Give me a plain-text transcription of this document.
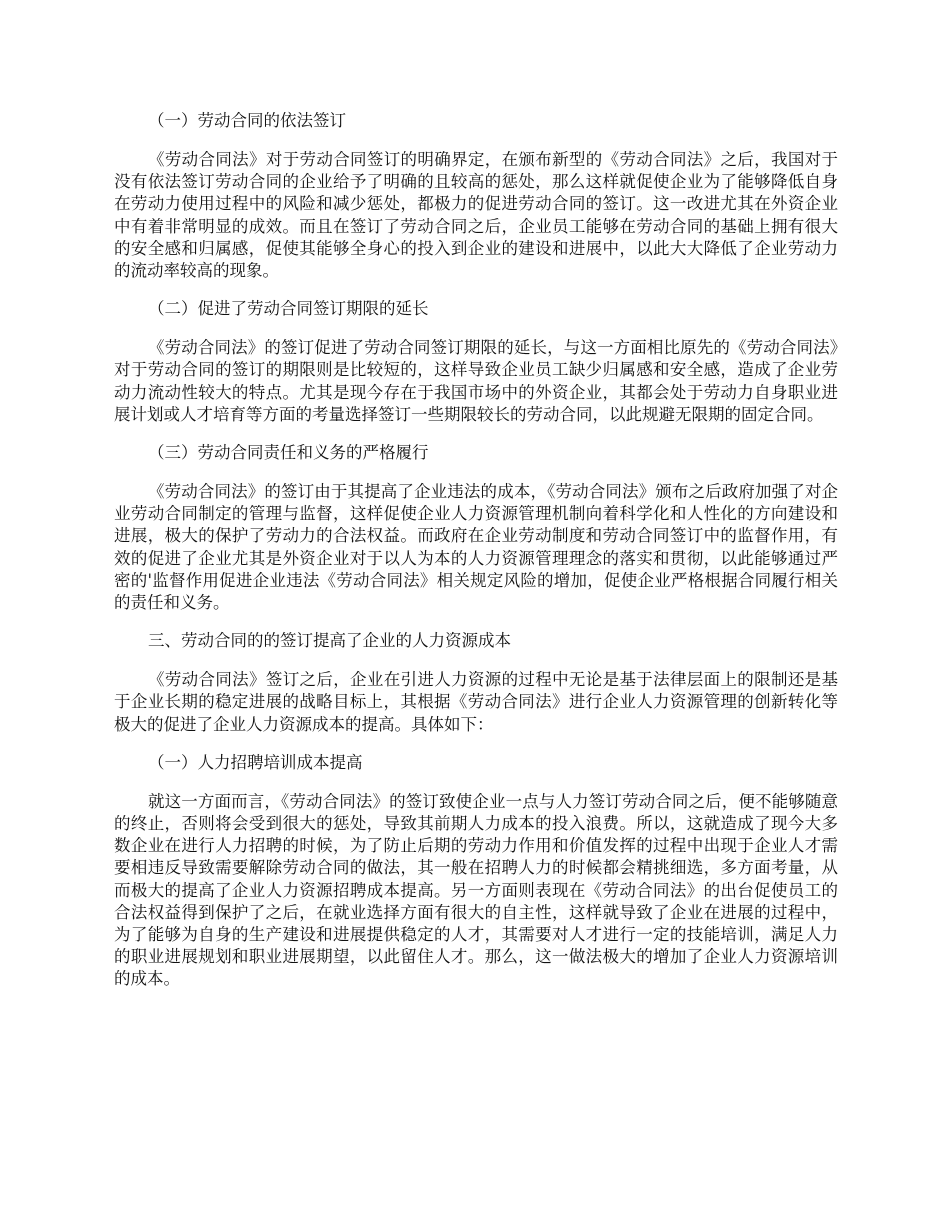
（一）劳动合同的依法签订

《劳动合同法》对于劳动合同签订的明确界定，在颁布新型的《劳动合同法》之后，我国对于没有依法签订劳动合同的企业给予了明确的且较高的惩处，那么这样就促使企业为了能够降低自身在劳动力使用过程中的风险和减少惩处，都极力的促进劳动合同的签订。这一改进尤其在外资企业中有着非常明显的成效。而且在签订了劳动合同之后，企业员工能够在劳动合同的基础上拥有很大的安全感和归属感，促使其能够全身心的投入到企业的建设和进展中，以此大大降低了企业劳动力的流动率较高的现象。

（二）促进了劳动合同签订期限的延长

《劳动合同法》的签订促进了劳动合同签订期限的延长，与这一方面相比原先的《劳动合同法》对于劳动合同的签订的期限则是比较短的，这样导致企业员工缺少归属感和安全感，造成了企业劳动力流动性较大的特点。尤其是现今存在于我国市场中的外资企业，其都会处于劳动力自身职业进展计划或人才培育等方面的考量选择签订一些期限较长的劳动合同，以此规避无限期的固定合同。

（三）劳动合同责任和义务的严格履行

《劳动合同法》的签订由于其提高了企业违法的成本，《劳动合同法》颁布之后政府加强了对企业劳动合同制定的管理与监督，这样促使企业人力资源管理机制向着科学化和人性化的方向建设和进展，极大的保护了劳动力的合法权益。而政府在企业劳动制度和劳动合同签订中的监督作用，有效的促进了企业尤其是外资企业对于以人为本的人力资源管理理念的落实和贯彻，以此能够通过严密的'监督作用促进企业违法《劳动合同法》相关规定风险的增加，促使企业严格根据合同履行相关的责任和义务。

三、劳动合同的的签订提高了企业的人力资源成本

《劳动合同法》签订之后，企业在引进人力资源的过程中无论是基于法律层面上的限制还是基于企业长期的稳定进展的战略目标上，其根据《劳动合同法》进行企业人力资源管理的创新转化等极大的促进了企业人力资源成本的提高。具体如下：

（一）人力招聘培训成本提高

就这一方面而言，《劳动合同法》的签订致使企业一点与人力签订劳动合同之后，便不能够随意的终止，否则将会受到很大的惩处，导致其前期人力成本的投入浪费。所以，这就造成了现今大多数企业在进行人力招聘的时候，为了防止后期的劳动力作用和价值发挥的过程中出现于企业人才需要相违反导致需要解除劳动合同的做法，其一般在招聘人力的时候都会精挑细选，多方面考量，从而极大的提高了企业人力资源招聘成本提高。另一方面则表现在《劳动合同法》的出台促使员工的合法权益得到保护了之后，在就业选择方面有很大的自主性，这样就导致了企业在进展的过程中，为了能够为自身的生产建设和进展提供稳定的人才，其需要对人才进行一定的技能培训，满足人力的职业进展规划和职业进展期望，以此留住人才。那么，这一做法极大的增加了企业人力资源培训的成本。
